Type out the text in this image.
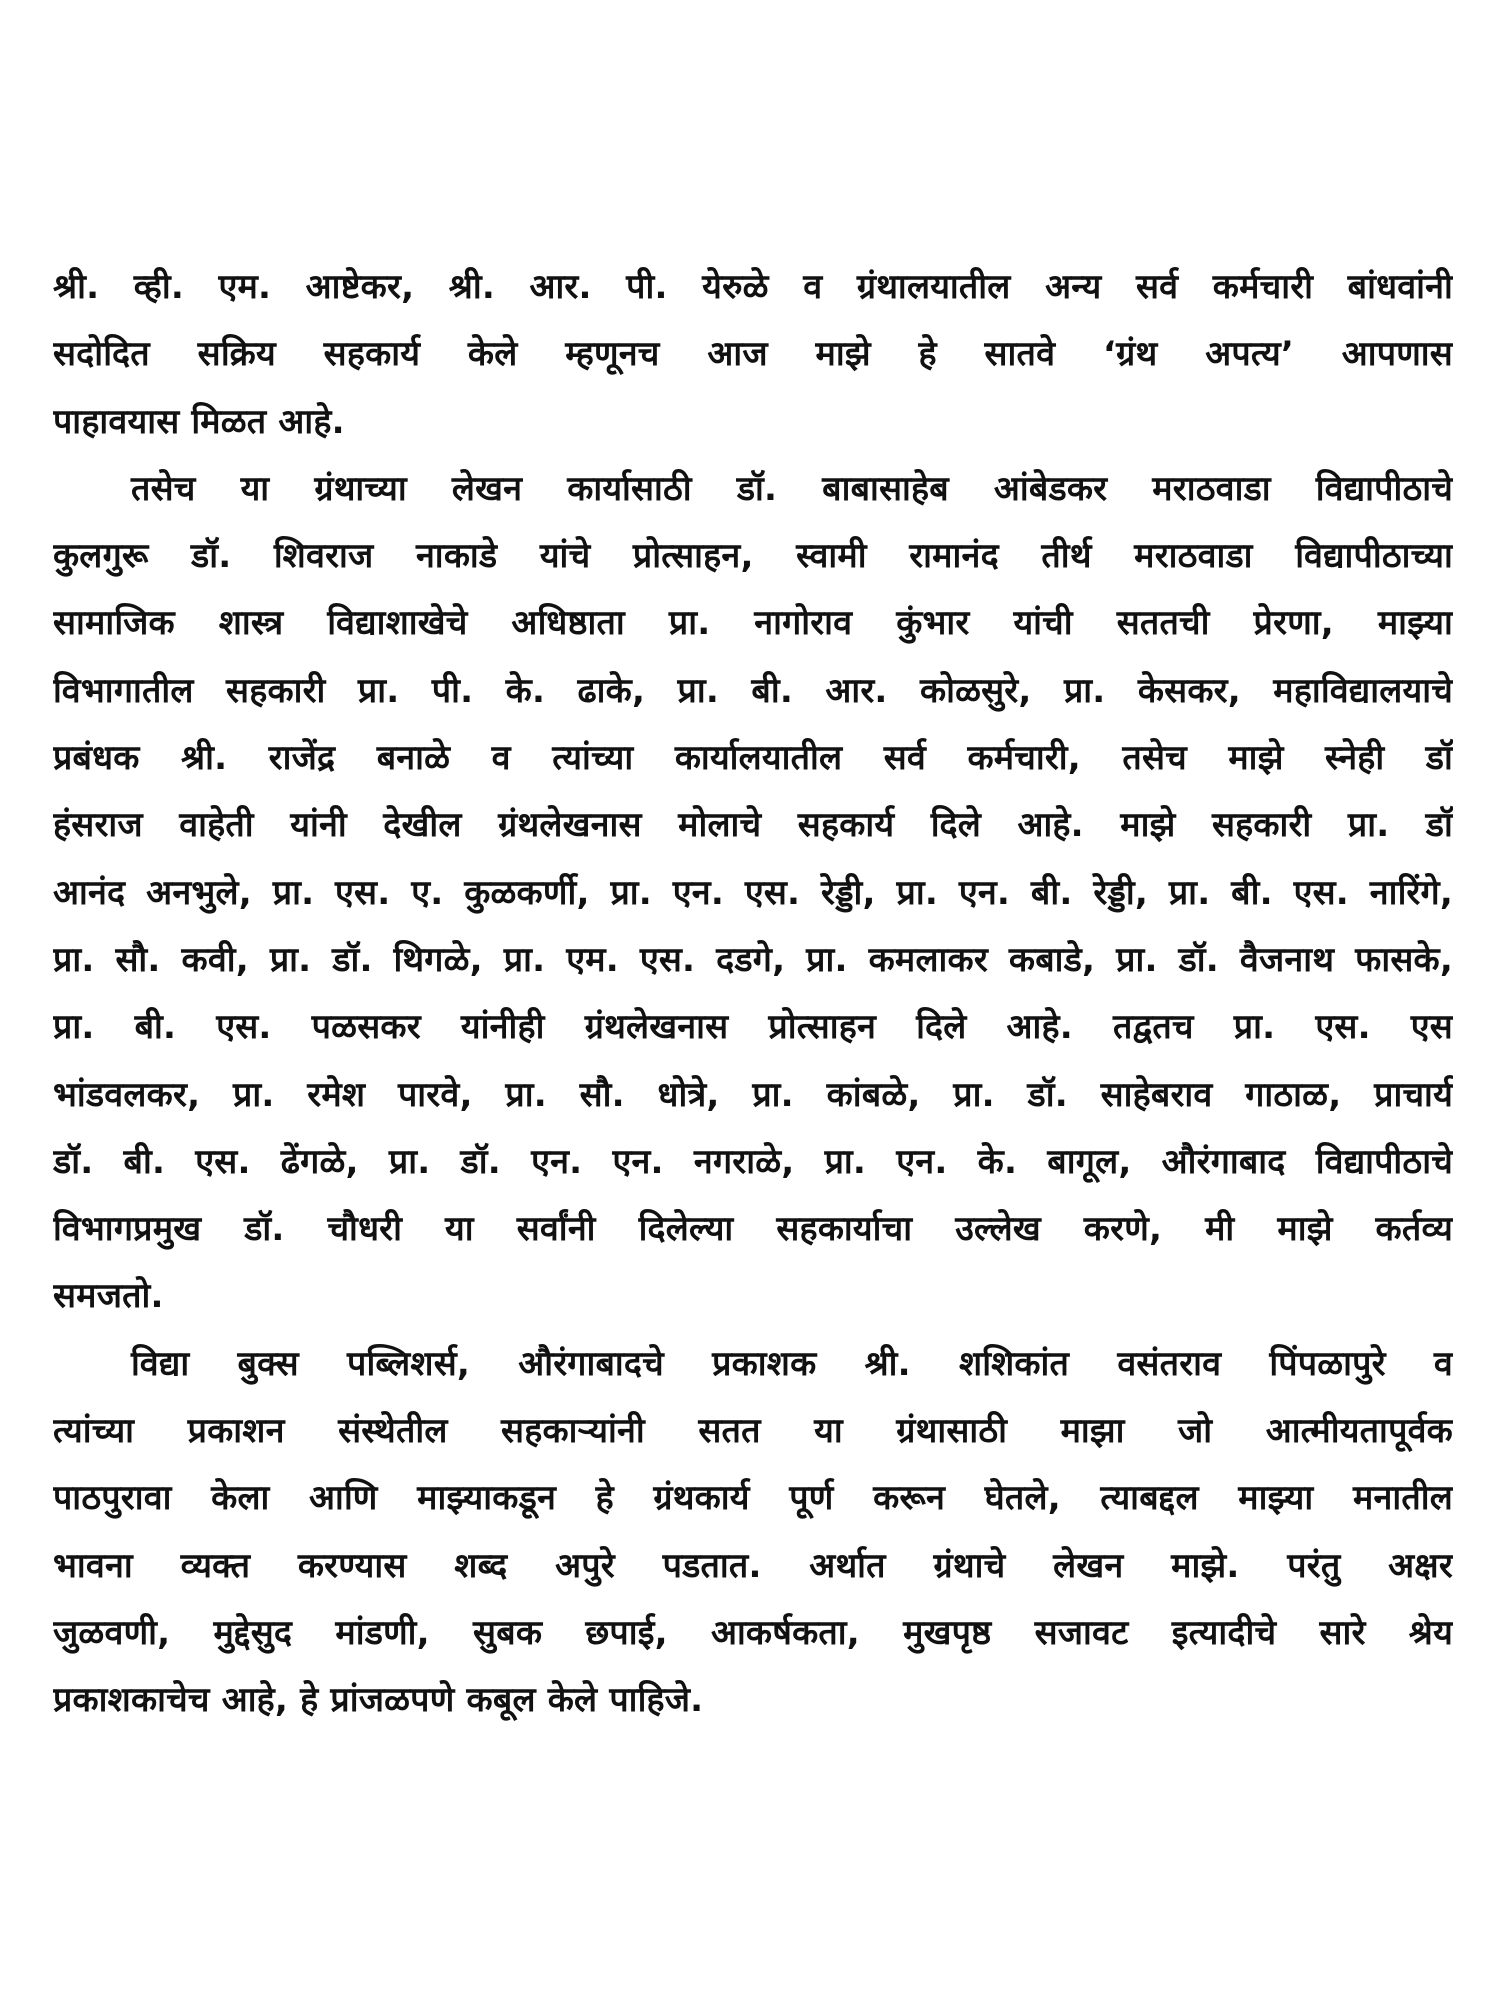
श्री. व्ही. एम. आष्टेकर, श्री. आर. पी. येरुळे व ग्रंथालयातील अन्य सर्व कर्मचारी बांधवांनी
सदोदित सक्रिय सहकार्य केले म्हणूनच आज माझे हे सातवे ‘ग्रंथ अपत्य’ आपणास
पाहावयास मिळत आहे.
तसेच या ग्रंथाच्या लेखन कार्यासाठी डॉ. बाबासाहेब आंबेडकर मराठवाडा विद्यापीठाचे
कुलगुरू डॉ. शिवराज नाकाडे यांचे प्रोत्साहन, स्वामी रामानंद तीर्थ मराठवाडा विद्यापीठाच्या
सामाजिक शास्त्र विद्याशाखेचे अधिष्ठाता प्रा. नागोराव कुंभार यांची सततची प्रेरणा, माझ्या
विभागातील सहकारी प्रा. पी. के. ढाके, प्रा. बी. आर. कोळसुरे, प्रा. केसकर, महाविद्यालयाचे
प्रबंधक श्री. राजेंद्र बनाळे व त्यांच्या कार्यालयातील सर्व कर्मचारी, तसेच माझे स्नेही डॉ
हंसराज वाहेती यांनी देखील ग्रंथलेखनास मोलाचे सहकार्य दिले आहे. माझे सहकारी प्रा. डॉ
आनंद अनभुले, प्रा. एस. ए. कुळकर्णी, प्रा. एन. एस. रेड्डी, प्रा. एन. बी. रेड्डी, प्रा. बी. एस. नारिंगे,
प्रा. सौ. कवी, प्रा. डॉ. थिगळे, प्रा. एम. एस. दडगे, प्रा. कमलाकर कबाडे, प्रा. डॉ. वैजनाथ फासके,
प्रा. बी. एस. पळसकर यांनीही ग्रंथलेखनास प्रोत्साहन दिले आहे. तद्वतच प्रा. एस. एस
भांडवलकर, प्रा. रमेश पारवे, प्रा. सौ. धोत्रे, प्रा. कांबळे, प्रा. डॉ. साहेबराव गाठाळ, प्राचार्य
डॉ. बी. एस. ढेंगळे, प्रा. डॉ. एन. एन. नगराळे, प्रा. एन. के. बागूल, औरंगाबाद विद्यापीठाचे
विभागप्रमुख डॉ. चौधरी या सर्वांनी दिलेल्या सहकार्याचा उल्लेख करणे, मी माझे कर्तव्य
समजतो.
विद्या बुक्स पब्लिशर्स, औरंगाबादचे प्रकाशक श्री. शशिकांत वसंतराव पिंपळापुरे व
त्यांच्या प्रकाशन संस्थेतील सहकाऱ्यांनी सतत या ग्रंथासाठी माझा जो आत्मीयतापूर्वक
पाठपुरावा केला आणि माझ्याकडून हे ग्रंथकार्य पूर्ण करून घेतले, त्याबद्दल माझ्या मनातील
भावना व्यक्त करण्यास शब्द अपुरे पडतात. अर्थात ग्रंथाचे लेखन माझे. परंतु अक्षर
जुळवणी, मुद्देसुद मांडणी, सुबक छपाई, आकर्षकता, मुखपृष्ठ सजावट इत्यादीचे सारे श्रेय
प्रकाशकाचेच आहे, हे प्रांजळपणे कबूल केले पाहिजे.
